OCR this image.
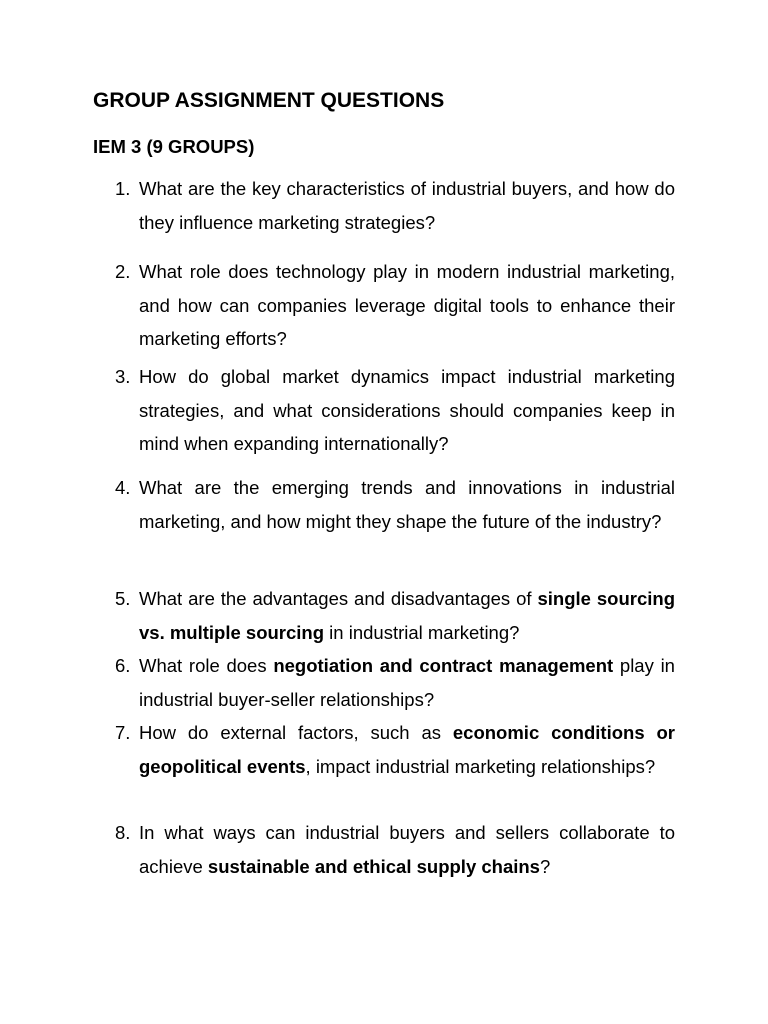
GROUP ASSIGNMENT QUESTIONS
IEM 3 (9 GROUPS)
1. What are the key characteristics of industrial buyers, and how do they influence marketing strategies?
2. What role does technology play in modern industrial marketing, and how can companies leverage digital tools to enhance their marketing efforts?
3. How do global market dynamics impact industrial marketing strategies, and what considerations should companies keep in mind when expanding internationally?
4. What are the emerging trends and innovations in industrial marketing, and how might they shape the future of the industry?
5. What are the advantages and disadvantages of single sourcing vs. multiple sourcing in industrial marketing?
6. What role does negotiation and contract management play in industrial buyer-seller relationships?
7. How do external factors, such as economic conditions or geopolitical events, impact industrial marketing relationships?
8. In what ways can industrial buyers and sellers collaborate to achieve sustainable and ethical supply chains?
